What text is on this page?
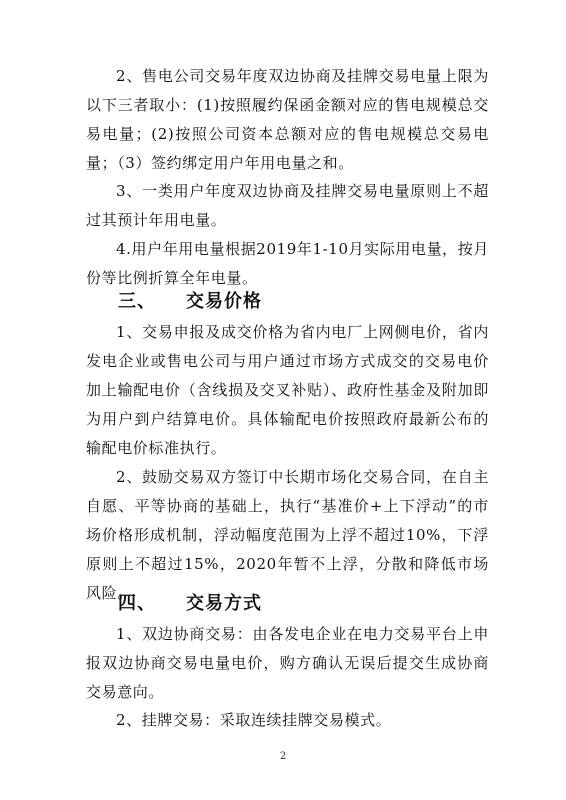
2、售电公司交易年度双边协商及挂牌交易电量上限为以下三者取小：(1)按照履约保函金额对应的售电规模总交易电量；(2)按照公司资本总额对应的售电规模总交易电量；（3）签约绑定用户年用电量之和。

3、一类用户年度双边协商及挂牌交易电量原则上不超过其预计年用电量。

4.用户年用电量根据2019年1-10月实际用电量，按月份等比例折算全年电量。

三、 交易价格

1、交易申报及成交价格为省内电厂上网侧电价，省内发电企业或售电公司与用户通过市场方式成交的交易电价加上输配电价（含线损及交叉补贴）、政府性基金及附加即为用户到户结算电价。具体输配电价按照政府最新公布的输配电价标准执行。

2、鼓励交易双方签订中长期市场化交易合同，在自主自愿、平等协商的基础上，执行“基准价+上下浮动”的市场价格形成机制，浮动幅度范围为上浮不超过10%，下浮原则上不超过15%，2020年暂不上浮，分散和降低市场风险。

四、 交易方式

1、双边协商交易：由各发电企业在电力交易平台上申报双边协商交易电量电价，购方确认无误后提交生成协商交易意向。

2、挂牌交易：采取连续挂牌交易模式。

2
